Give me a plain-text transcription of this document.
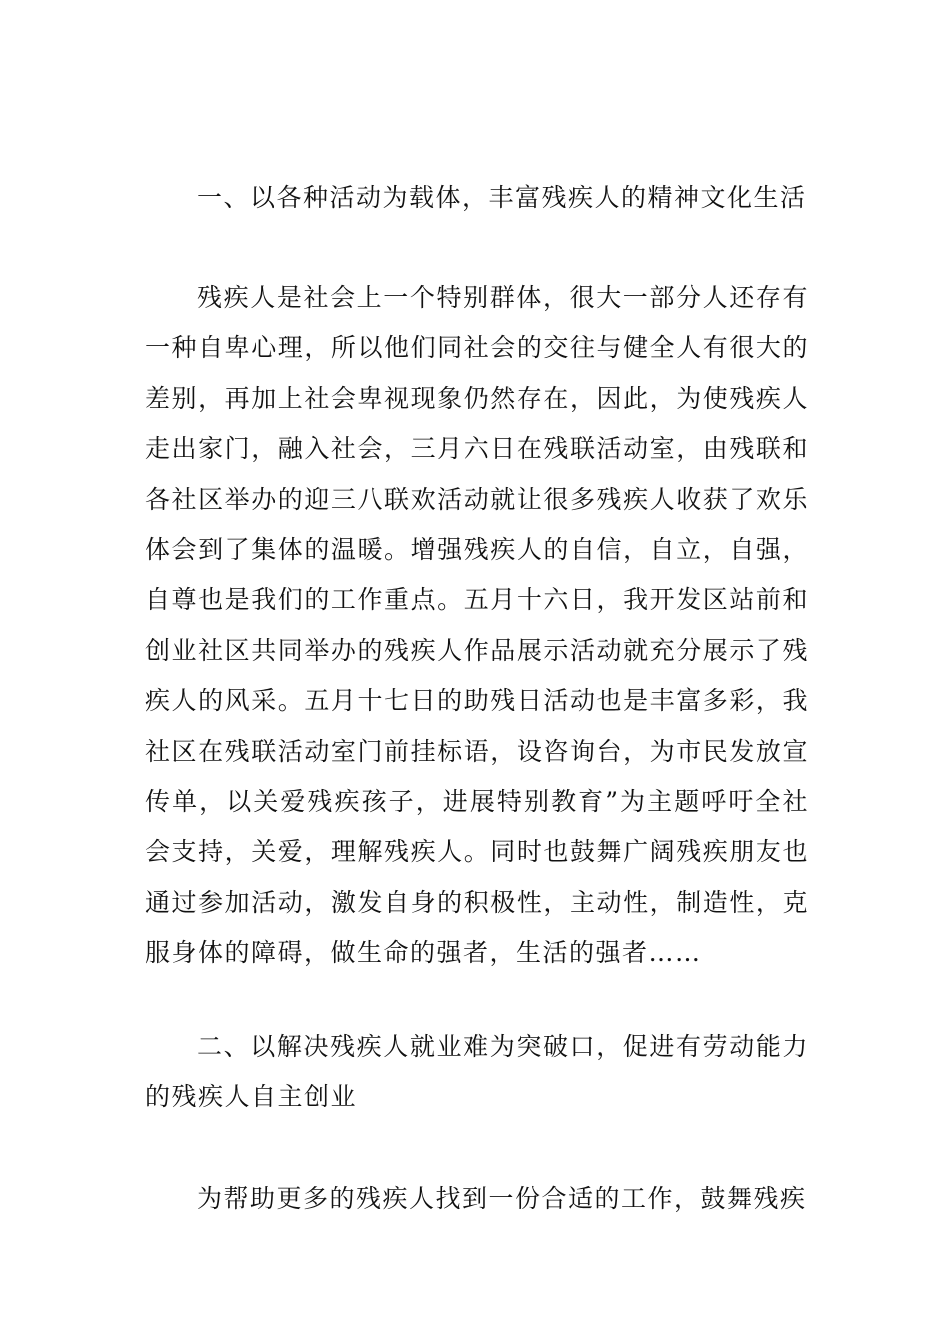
一、以各种活动为载体，丰富残疾人的精神文化生活

残疾人是社会上一个特别群体，很大一部分人还存有一种自卑心理，所以他们同社会的交往与健全人有很大的差别，再加上社会卑视现象仍然存在，因此，为使残疾人走出家门，融入社会，三月六日在残联活动室，由残联和各社区举办的迎三八联欢活动就让很多残疾人收获了欢乐体会到了集体的温暖。增强残疾人的自信，自立，自强，自尊也是我们的工作重点。五月十六日，我开发区站前和创业社区共同举办的残疾人作品展示活动就充分展示了残疾人的风采。五月十七日的助残日活动也是丰富多彩，我社区在残联活动室门前挂标语，设咨询台，为市民发放宣传单，以关爱残疾孩子，进展特别教育”为主题呼吁全社会支持，关爱，理解残疾人。同时也鼓舞广阔残疾朋友也通过参加活动，激发自身的积极性，主动性，制造性，克服身体的障碍，做生命的强者，生活的强者……

二、以解决残疾人就业难为突破口，促进有劳动能力的残疾人自主创业

为帮助更多的残疾人找到一份合适的工作，鼓舞残疾
